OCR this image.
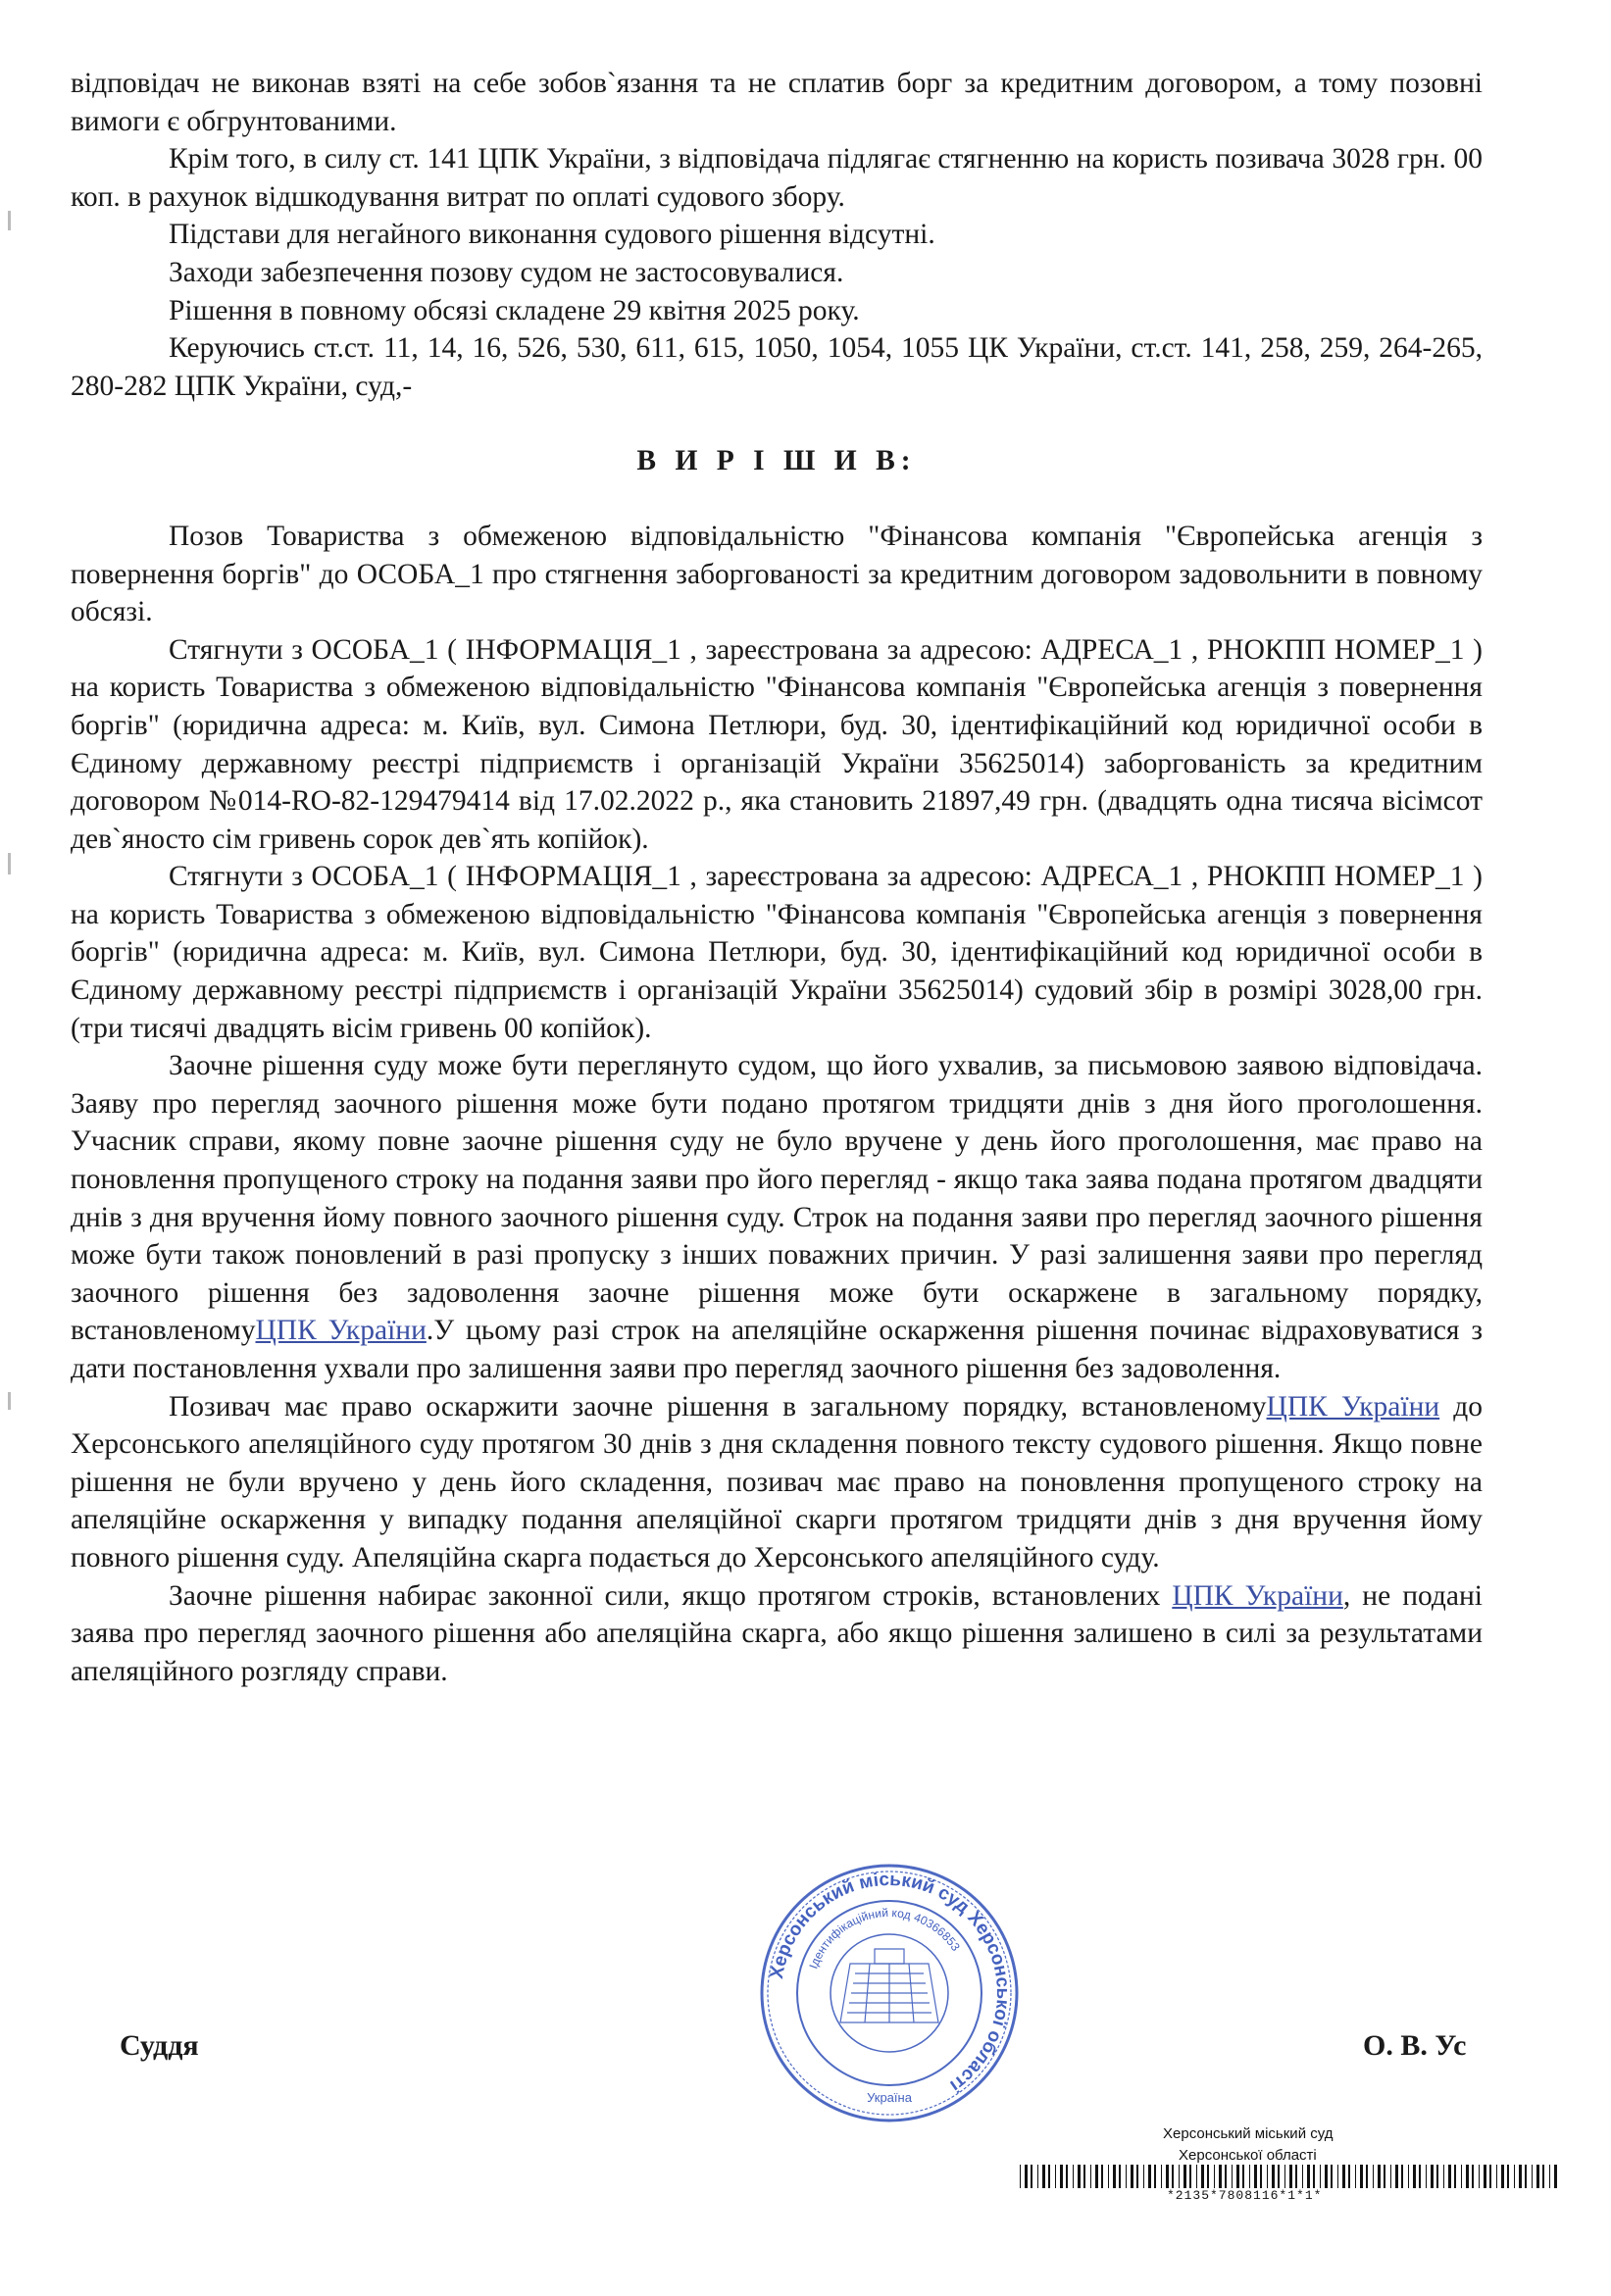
відповідач не виконав взяті на себе зобов`язання та не сплатив борг за кредитним договором, а тому позовні вимоги є обгрунтованими.

Крім того, в силу ст. 141 ЦПК України, з відповідача підлягає стягненню на користь позивача 3028 грн. 00 коп. в рахунок відшкодування витрат по оплаті судового збору.

Підстави для негайного виконання судового рішення відсутні.

Заходи забезпечення позову судом не застосовувалися.

Рішення в повному обсязі складене 29 квітня 2025 року.

Керуючись ст.ст. 11, 14, 16, 526, 530, 611, 615, 1050, 1054, 1055 ЦК України, ст.ст. 141, 258, 259, 264-265, 280-282 ЦПК України, суд,-

В И Р І Ш И В:

Позов Товариства з обмеженою відповідальністю "Фінансова компанія "Європейська агенція з повернення боргів" до ОСОБА_1 про стягнення заборгованості за кредитним договором задовольнити в повному обсязі.

Стягнути з ОСОБА_1 ( ІНФОРМАЦІЯ_1 , зареєстрована за адресою: АДРЕСА_1 , РНОКПП НОМЕР_1 ) на користь Товариства з обмеженою відповідальністю "Фінансова компанія "Європейська агенція з повернення боргів" (юридична адреса: м. Київ, вул. Симона Петлюри, буд. 30, ідентифікаційний код юридичної особи в Єдиному державному реєстрі підприємств і організацій України 35625014) заборгованість за кредитним договором №014-RO-82-129479414 від 17.02.2022 р., яка становить 21897,49 грн. (двадцять одна тисяча вісімсот дев`яносто сім гривень сорок дев`ять копійок).

Стягнути з ОСОБА_1 ( ІНФОРМАЦІЯ_1 , зареєстрована за адресою: АДРЕСА_1 , РНОКПП НОМЕР_1 ) на користь Товариства з обмеженою відповідальністю "Фінансова компанія "Європейська агенція з повернення боргів" (юридична адреса: м. Київ, вул. Симона Петлюри, буд. 30, ідентифікаційний код юридичної особи в Єдиному державному реєстрі підприємств і організацій України 35625014) судовий збір в розмірі 3028,00 грн. (три тисячі двадцять вісім гривень 00 копійок).

Заочне рішення суду може бути переглянуто судом, що його ухвалив, за письмовою заявою відповідача. Заяву про перегляд заочного рішення може бути подано протягом тридцяти днів з дня його проголошення. Учасник справи, якому повне заочне рішення суду не було вручене у день його проголошення, має право на поновлення пропущеного строку на подання заяви про його перегляд - якщо така заява подана протягом двадцяти днів з дня вручення йому повного заочного рішення суду. Строк на подання заяви про перегляд заочного рішення може бути також поновлений в разі пропуску з інших поважних причин. У разі залишення заяви про перегляд заочного рішення без задоволення заочне рішення може бути оскаржене в загальному порядку, встановленомуЦПК України.У цьому разі строк на апеляційне оскарження рішення починає відраховуватися з дати постановлення ухвали про залишення заяви про перегляд заочного рішення без задоволення.

Позивач має право оскаржити заочне рішення в загальному порядку, встановленомуЦПК України до Херсонського апеляційного суду протягом 30 днів з дня складення повного тексту судового рішення. Якщо повне рішення не були вручено у день його складення, позивач має право на поновлення пропущеного строку на апеляційне оскарження у випадку подання апеляційної скарги протягом тридцяти днів з дня вручення йому повного рішення суду. Апеляційна скарга подається до Херсонського апеляційного суду.

Заочне рішення набирає законної сили, якщо протягом строків, встановлених ЦПК України, не подані заява про перегляд заочного рішення або апеляційна скарга, або якщо рішення залишено в силі за результатами апеляційного розгляду справи.

Суддя	О. В. Ус
Херсонський міський суд Херсонської області
Ідентифікаційний код 40366853
Україна
Херсонський міський суд
Херсонської області
*2135*7808116*1*1*
